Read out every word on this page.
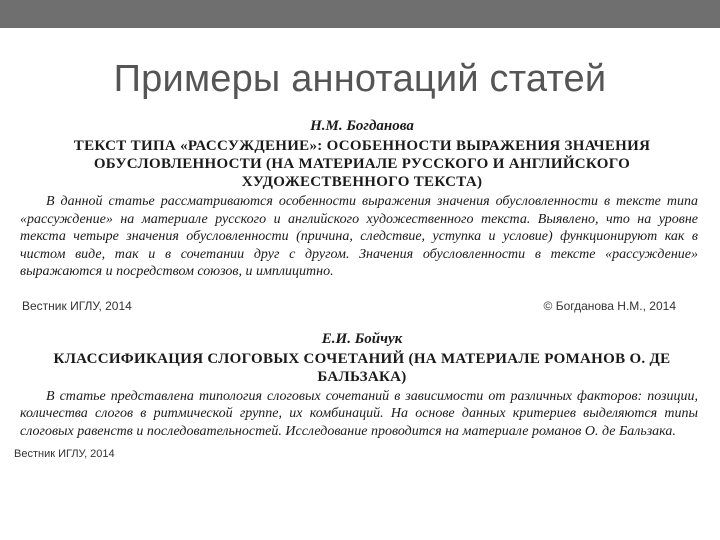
Примеры аннотаций статей

Н.М. Богданова

ТЕКСТ ТИПА «РАССУЖДЕНИЕ»: ОСОБЕННОСТИ ВЫРАЖЕНИЯ ЗНАЧЕНИЯ ОБУСЛОВЛЕННОСТИ (НА МАТЕРИАЛЕ РУССКОГО И АНГЛИЙСКОГО ХУДОЖЕСТВЕННОГО ТЕКСТА)

В данной статье рассматриваются особенности выражения значения обусловленности в тексте типа «рассуждение» на материале русского и английского художественного текста. Выявлено, что на уровне текста четыре значения обусловленности (причина, следствие, уступка и условие) функционируют как в чистом виде, так и в сочетании друг с другом. Значения обусловленности в тексте «рассуждение» выражаются и посредством союзов, и имплицитно.

Вестник ИГЛУ, 2014	© Богданова Н.М., 2014

Е.И. Бойчук

КЛАССИФИКАЦИЯ СЛОГОВЫХ СОЧЕТАНИЙ (НА МАТЕРИАЛЕ РОМАНОВ О. ДЕ БАЛЬЗАКА)

В статье представлена типология слоговых сочетаний в зависимости от различных факторов: позиции, количества слогов в ритмической группе, их комбинаций. На основе данных критериев выделяются типы слоговых равенств и последовательностей. Исследование проводится на материале романов О. де Бальзака.

Вестник ИГЛУ, 2014
